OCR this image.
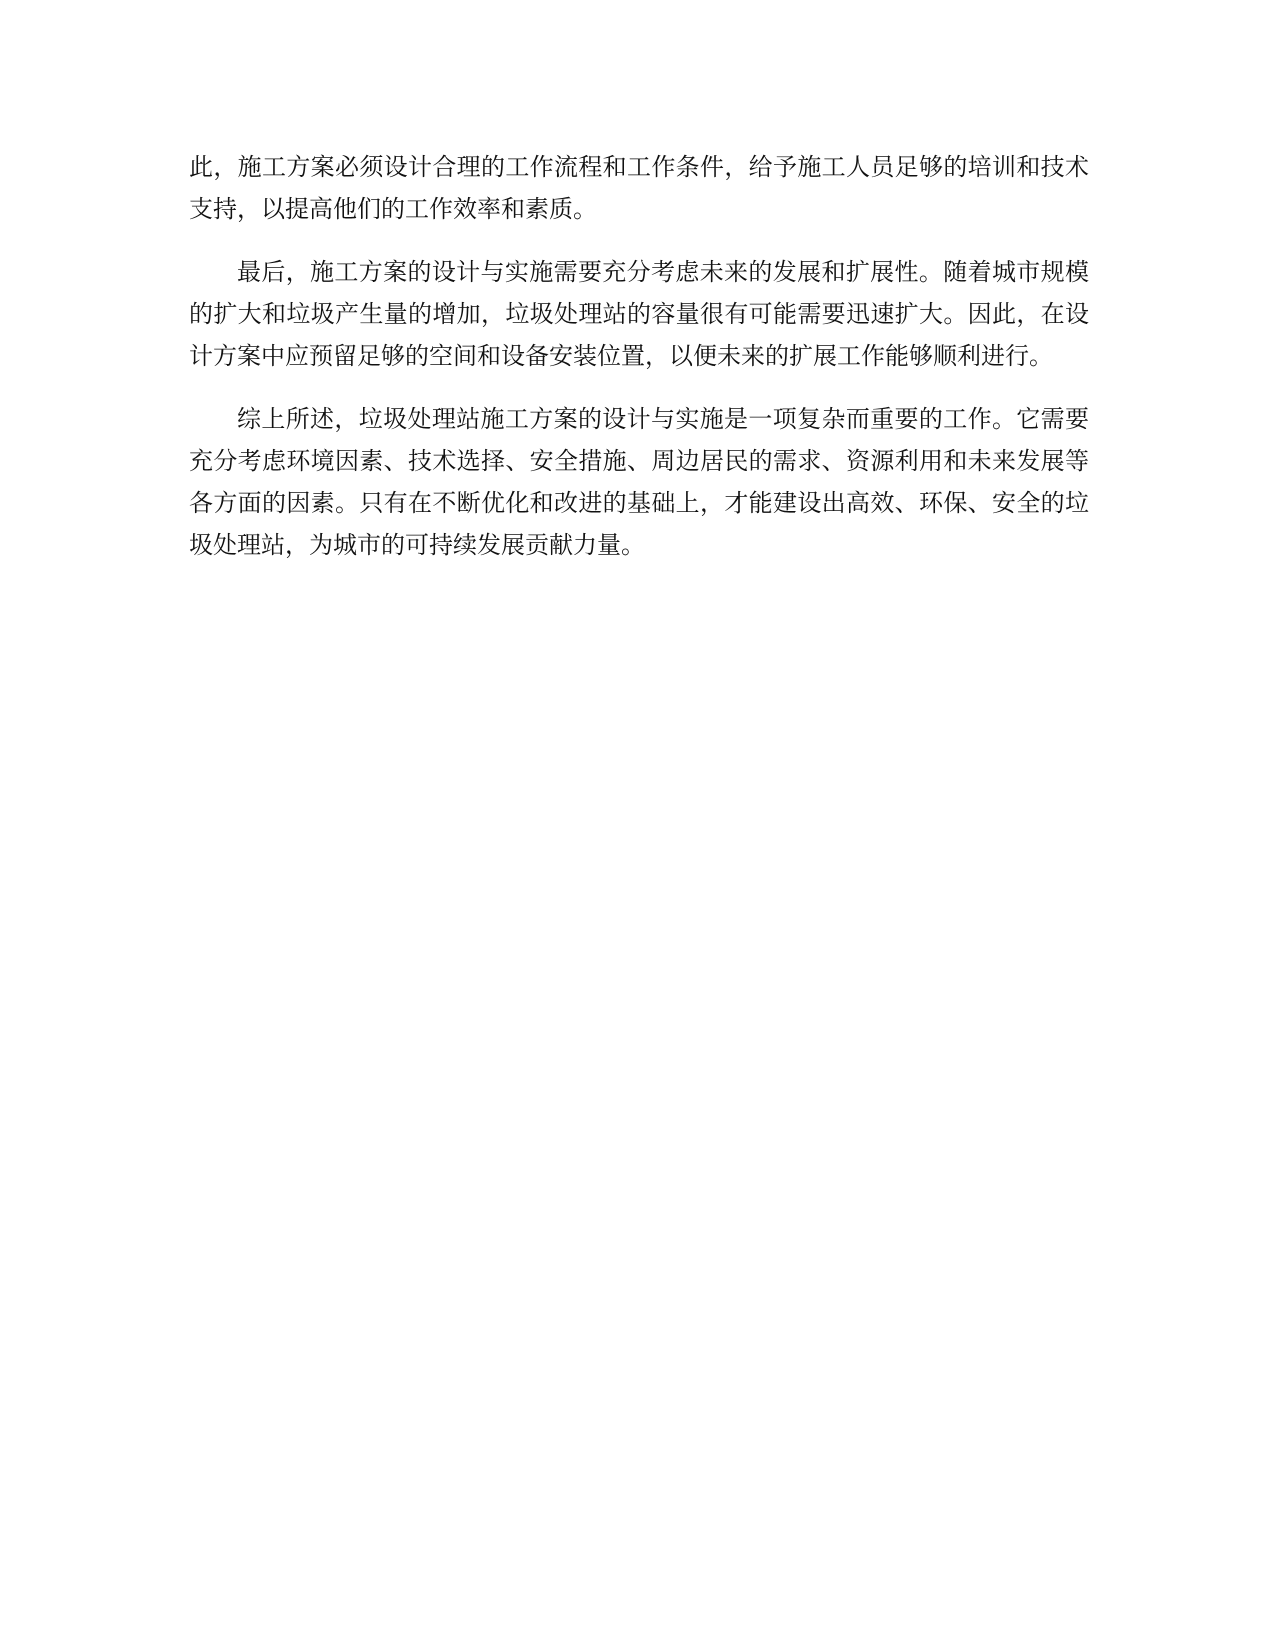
此，施工方案必须设计合理的工作流程和工作条件，给予施工人员足够的培训和技术支持，以提高他们的工作效率和素质。

最后，施工方案的设计与实施需要充分考虑未来的发展和扩展性。随着城市规模的扩大和垃圾产生量的增加，垃圾处理站的容量很有可能需要迅速扩大。因此，在设计方案中应预留足够的空间和设备安装位置，以便未来的扩展工作能够顺利进行。

综上所述，垃圾处理站施工方案的设计与实施是一项复杂而重要的工作。它需要充分考虑环境因素、技术选择、安全措施、周边居民的需求、资源利用和未来发展等各方面的因素。只有在不断优化和改进的基础上，才能建设出高效、环保、安全的垃圾处理站，为城市的可持续发展贡献力量。
